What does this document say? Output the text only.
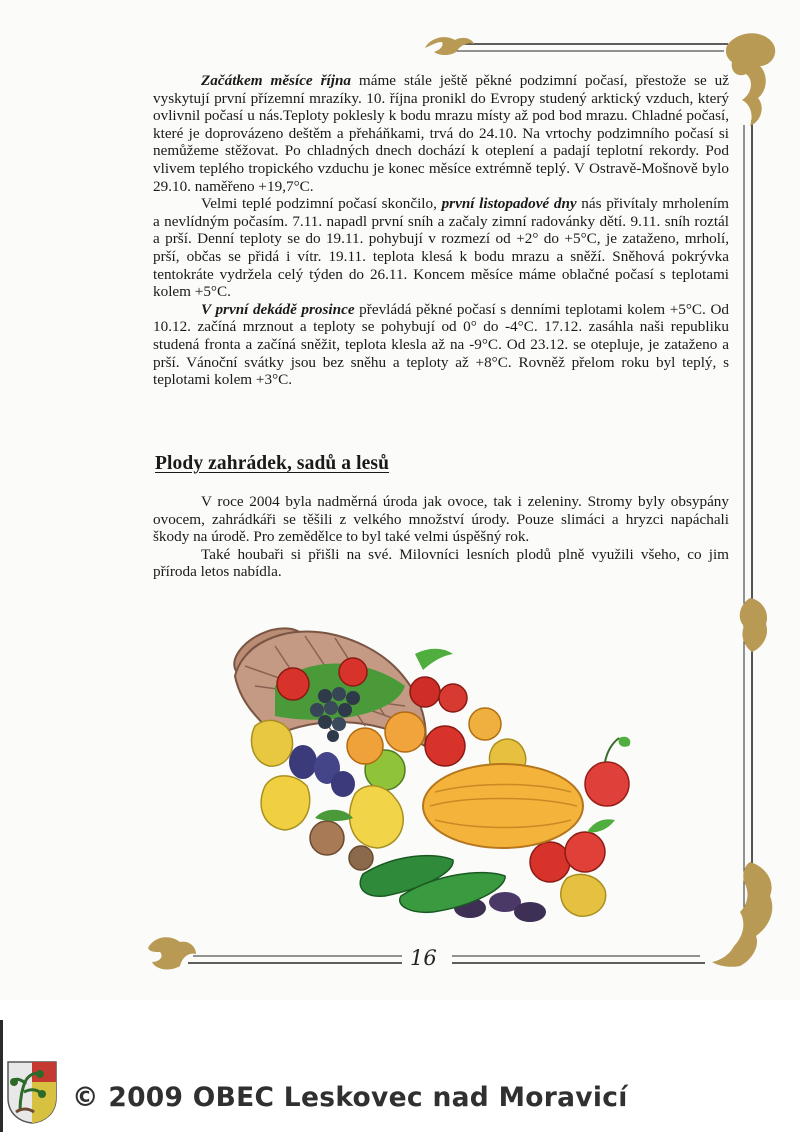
Začátkem měsíce října máme stále ještě pěkné podzimní počasí, přestože se už vyskytují první přízemní mrazíky. 10. října pronikl do Evropy studený arktický vzduch, který ovlivnil počasí u nás.Teploty poklesly k bodu mrazu místy až pod bod mrazu. Chladné počasí, které je doprovázeno deštěm a přeháňkami, trvá do 24.10. Na vrtochy podzimního počasí si nemůžeme stěžovat. Po chladných dnech dochází k oteplení a padají teplotní rekordy. Pod vlivem teplého tropického vzduchu je konec měsíce extrémně teplý. V Ostravě-Mošnově bylo 29.10. naměřeno +19,7°C.

Velmi teplé podzimní počasí skončilo, první listopadové dny nás přivítaly mrholením a nevlídným počasím. 7.11. napadl první sníh a začaly zimní radovánky dětí. 9.11. sníh roztál a prší. Denní teploty se do 19.11. pohybují v rozmezí od +2° do +5°C, je zataženo, mrholí, prší, občas se přidá i vítr. 19.11. teplota klesá k bodu mrazu a sněží. Sněhová pokrývka tentokráte vydržela celý týden do 26.11. Koncem měsíce máme oblačné počasí s teplotami kolem +5°C.

V první dekádě prosince převládá pěkné počasí s denními teplotami kolem +5°C. Od 10.12. začíná mrznout a teploty se pohybují od 0° do -4°C. 17.12. zasáhla naši republiku studená fronta a začíná sněžit, teplota klesla až na -9°C. Od 23.12. se otepluje, je zataženo a prší. Vánoční svátky jsou bez sněhu a teploty až +8°C. Rovněž přelom roku byl teplý, s teplotami kolem +3°C.

Plody zahrádek, sadů a lesů

V roce 2004 byla nadměrná úroda jak ovoce, tak i zeleniny. Stromy byly obsypány ovocem, zahrádkáři se těšili z velkého množství úrody. Pouze slimáci a hryzci napáchali škody na úrodě. Pro zemědělce to byl také velmi úspěšný rok.

Také houbaři si přišli na své. Milovníci lesních plodů plně využili všeho, co jim příroda letos nabídla.

16
© 2009 OBEC Leskovec nad Moravicí
